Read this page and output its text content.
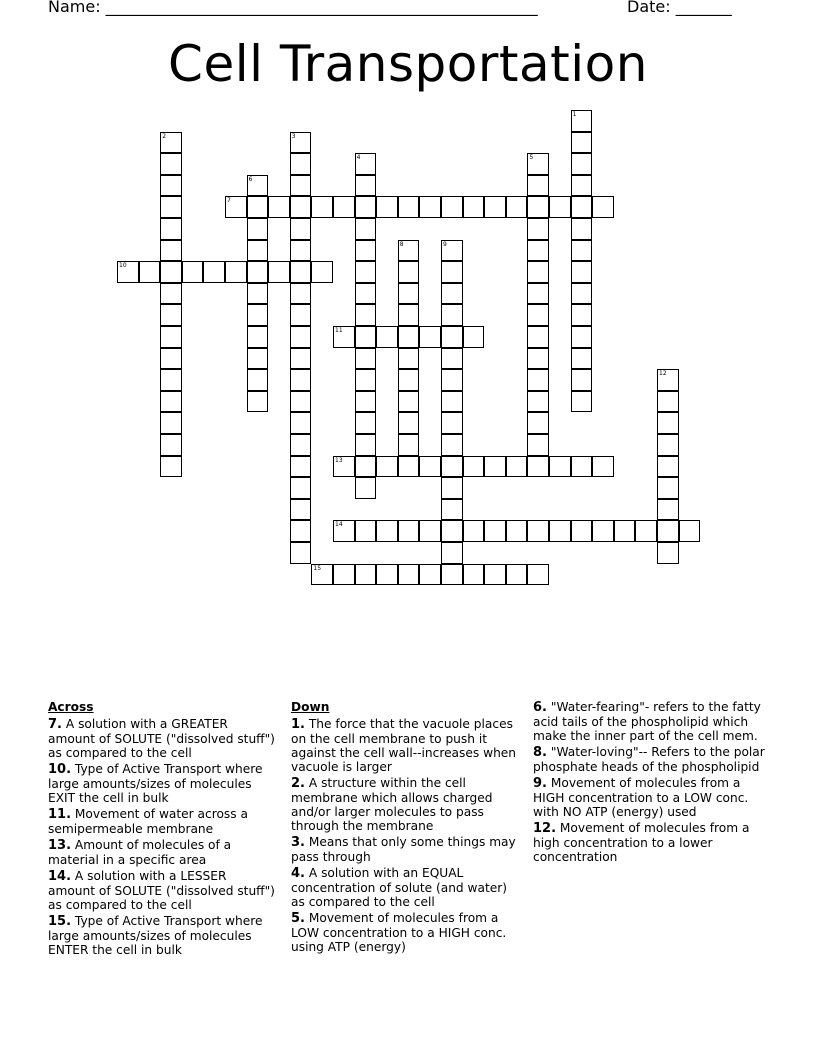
Name: ______________________________________________________	Date: _______
Cell Transportation
1
2	3
4	5
6
7
8	9
10
11
12
13
14
15
Across
7. A solution with a GREATER amount of SOLUTE ("dissolved stuff") as compared to the cell
10. Type of Active Transport where large amounts/sizes of molecules EXIT the cell in bulk
11. Movement of water across a semipermeable membrane
13. Amount of molecules of a material in a specific area
14. A solution with a LESSER amount of SOLUTE ("dissolved stuff") as compared to the cell
15. Type of Active Transport where large amounts/sizes of molecules ENTER the cell in bulk
Down
1. The force that the vacuole places on the cell membrane to push it against the cell wall--increases when vacuole is larger
2. A structure within the cell membrane which allows charged and/or larger molecules to pass through the membrane
3. Means that only some things may pass through
4. A solution with an EQUAL concentration of solute (and water) as compared to the cell
5. Movement of molecules from a LOW concentration to a HIGH conc. using ATP (energy)
6. "Water-fearing"- refers to the fatty acid tails of the phospholipid which make the inner part of the cell mem.
8. "Water-loving"-- Refers to the polar phosphate heads of the phospholipid
9. Movement of molecules from a HIGH concentration to a LOW conc. with NO ATP (energy) used
12. Movement of molecules from a high concentration to a lower concentration
